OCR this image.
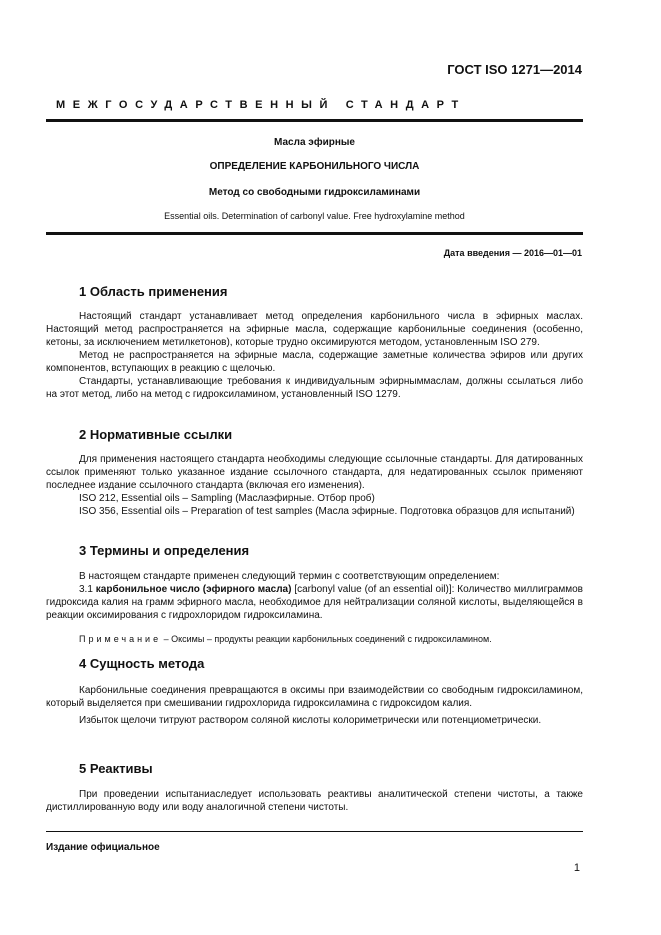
ГОСТ ISO 1271—2014
МЕЖГОСУДАРСТВЕННЫЙ СТАНДАРТ
Масла эфирные
ОПРЕДЕЛЕНИЕ КАРБОНИЛЬНОГО ЧИСЛА
Метод со свободными гидроксиламинами
Essential oils. Determination of carbonyl value. Free hydroxylamine method
Дата введения — 2016—01—01
1 Область применения

Настоящий стандарт устанавливает метод определения карбонильного числа в эфирных маслах. Настоящий метод распространяется на эфирные масла, содержащие карбонильные соединения (особенно, кетоны, за исключением метилкетонов), которые трудно оксимируются методом, установленным ISO 279.

Метод не распространяется на эфирные масла, содержащие заметные количества эфиров или других компонентов, вступающих в реакцию с щелочью.

Стандарты, устанавливающие требования к индивидуальным эфирныммаслам, должны ссылаться либо на этот метод, либо на метод с гидроксиламином, установленный ISO 1279.

2 Нормативные ссылки

Для применения настоящего стандарта необходимы следующие ссылочные стандарты. Для датированных ссылок применяют только указанное издание ссылочного стандарта, для недатированных ссылок применяют последнее издание ссылочного стандарта (включая его изменения).

ISO 212, Essential oils – Sampling (Маслаэфирные. Отбор проб)

ISO 356, Essential oils – Preparation of test samples (Масла эфирные. Подготовка образцов для испытаний)

3 Термины и определения

В настоящем стандарте применен следующий термин с соответствующим определением:

3.1 карбонильное число (эфирного масла) [carbonyl value (of an essential oil)]: Количество миллиграммов гидроксида калия на грамм эфирного масла, необходимое для нейтрализации соляной кислоты, выделяющейся в реакции оксимирования с гидрохлоридом гидроксиламина.

Примечание – Оксимы – продукты реакции карбонильных соединений с гидроксиламином.
4 Сущность метода

Карбонильные соединения превращаются в оксимы при взаимодействии со свободным гидроксиламином, который выделяется при смешивании гидрохлорида гидроксиламина с гидроксидом калия.

Избыток щелочи титруют раствором соляной кислоты колориметрически или потенциометрически.

5 Реактивы

При проведении испытаниаследует использовать реактивы аналитической степени чистоты, а также дистиллированную воду или воду аналогичной степени чистоты.

Издание официальное
1
